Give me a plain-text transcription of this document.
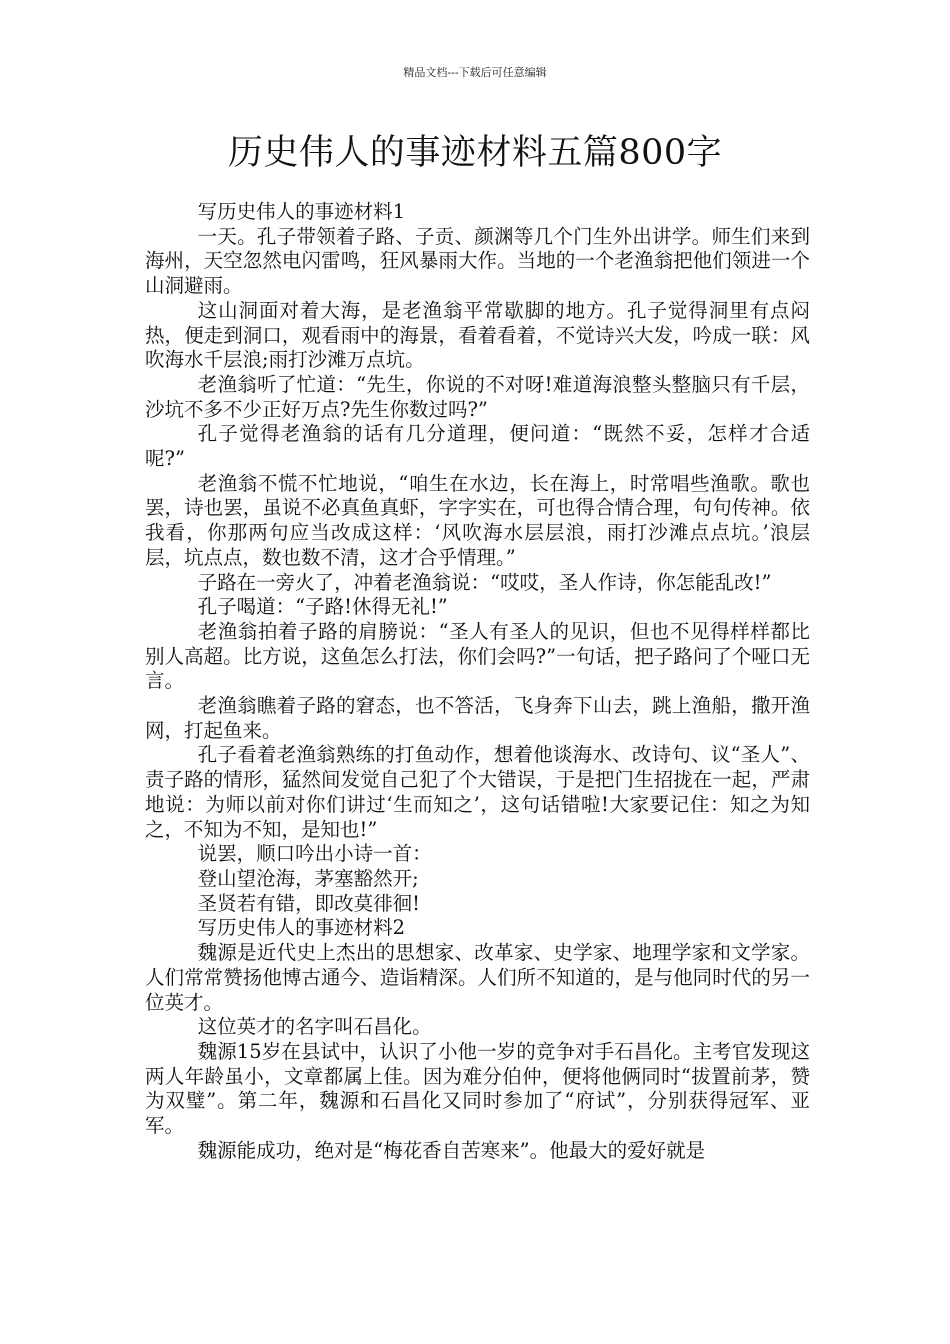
精品文档---下载后可任意编辑
历史伟人的事迹材料五篇800字

写历史伟人的事迹材料1

一天。孔子带领着子路、子贡、颜渊等几个门生外出讲学。师生们来到海州，天空忽然电闪雷鸣，狂风暴雨大作。当地的一个老渔翁把他们领进一个山洞避雨。

这山洞面对着大海，是老渔翁平常歇脚的地方。孔子觉得洞里有点闷热，便走到洞口，观看雨中的海景，看着看着，不觉诗兴大发，吟成一联：风吹海水千层浪;雨打沙滩万点坑。

老渔翁听了忙道：“先生，你说的不对呀!难道海浪整头整脑只有千层，沙坑不多不少正好万点?先生你数过吗?”

孔子觉得老渔翁的话有几分道理，便问道：“既然不妥，怎样才合适呢?”

老渔翁不慌不忙地说，“咱生在水边，长在海上，时常唱些渔歌。歌也罢，诗也罢，虽说不必真鱼真虾，字字实在，可也得合情合理，句句传神。依我看，你那两句应当改成这样：‘风吹海水层层浪，雨打沙滩点点坑。’浪层层，坑点点，数也数不清，这才合乎情理。”

子路在一旁火了，冲着老渔翁说：“哎哎，圣人作诗，你怎能乱改!”

孔子喝道：“子路!休得无礼!”

老渔翁拍着子路的肩膀说：“圣人有圣人的见识，但也不见得样样都比别人高超。比方说，这鱼怎么打法，你们会吗?”一句话，把子路问了个哑口无言。

老渔翁瞧着子路的窘态，也不答活，飞身奔下山去，跳上渔船，撒开渔网，打起鱼来。

孔子看着老渔翁熟练的打鱼动作，想着他谈海水、改诗句、议“圣人”、责子路的情形，猛然间发觉自己犯了个大错误，于是把门生招拢在一起，严肃地说：为师以前对你们讲过‘生而知之’，这句话错啦!大家要记住：知之为知之，不知为不知，是知也!”

说罢，顺口吟出小诗一首：

登山望沧海，茅塞豁然开;

圣贤若有错，即改莫徘徊!

写历史伟人的事迹材料2

魏源是近代史上杰出的思想家、改革家、史学家、地理学家和文学家。人们常常赞扬他博古通今、造诣精深。人们所不知道的，是与他同时代的另一位英才。

这位英才的名字叫石昌化。

魏源15岁在县试中，认识了小他一岁的竞争对手石昌化。主考官发现这两人年龄虽小，文章都属上佳。因为难分伯仲，便将他俩同时“拔置前茅，赞为双璧”。第二年，魏源和石昌化又同时参加了“府试”，分别获得冠军、亚军。

魏源能成功，绝对是“梅花香自苦寒来”。他最大的爱好就是
